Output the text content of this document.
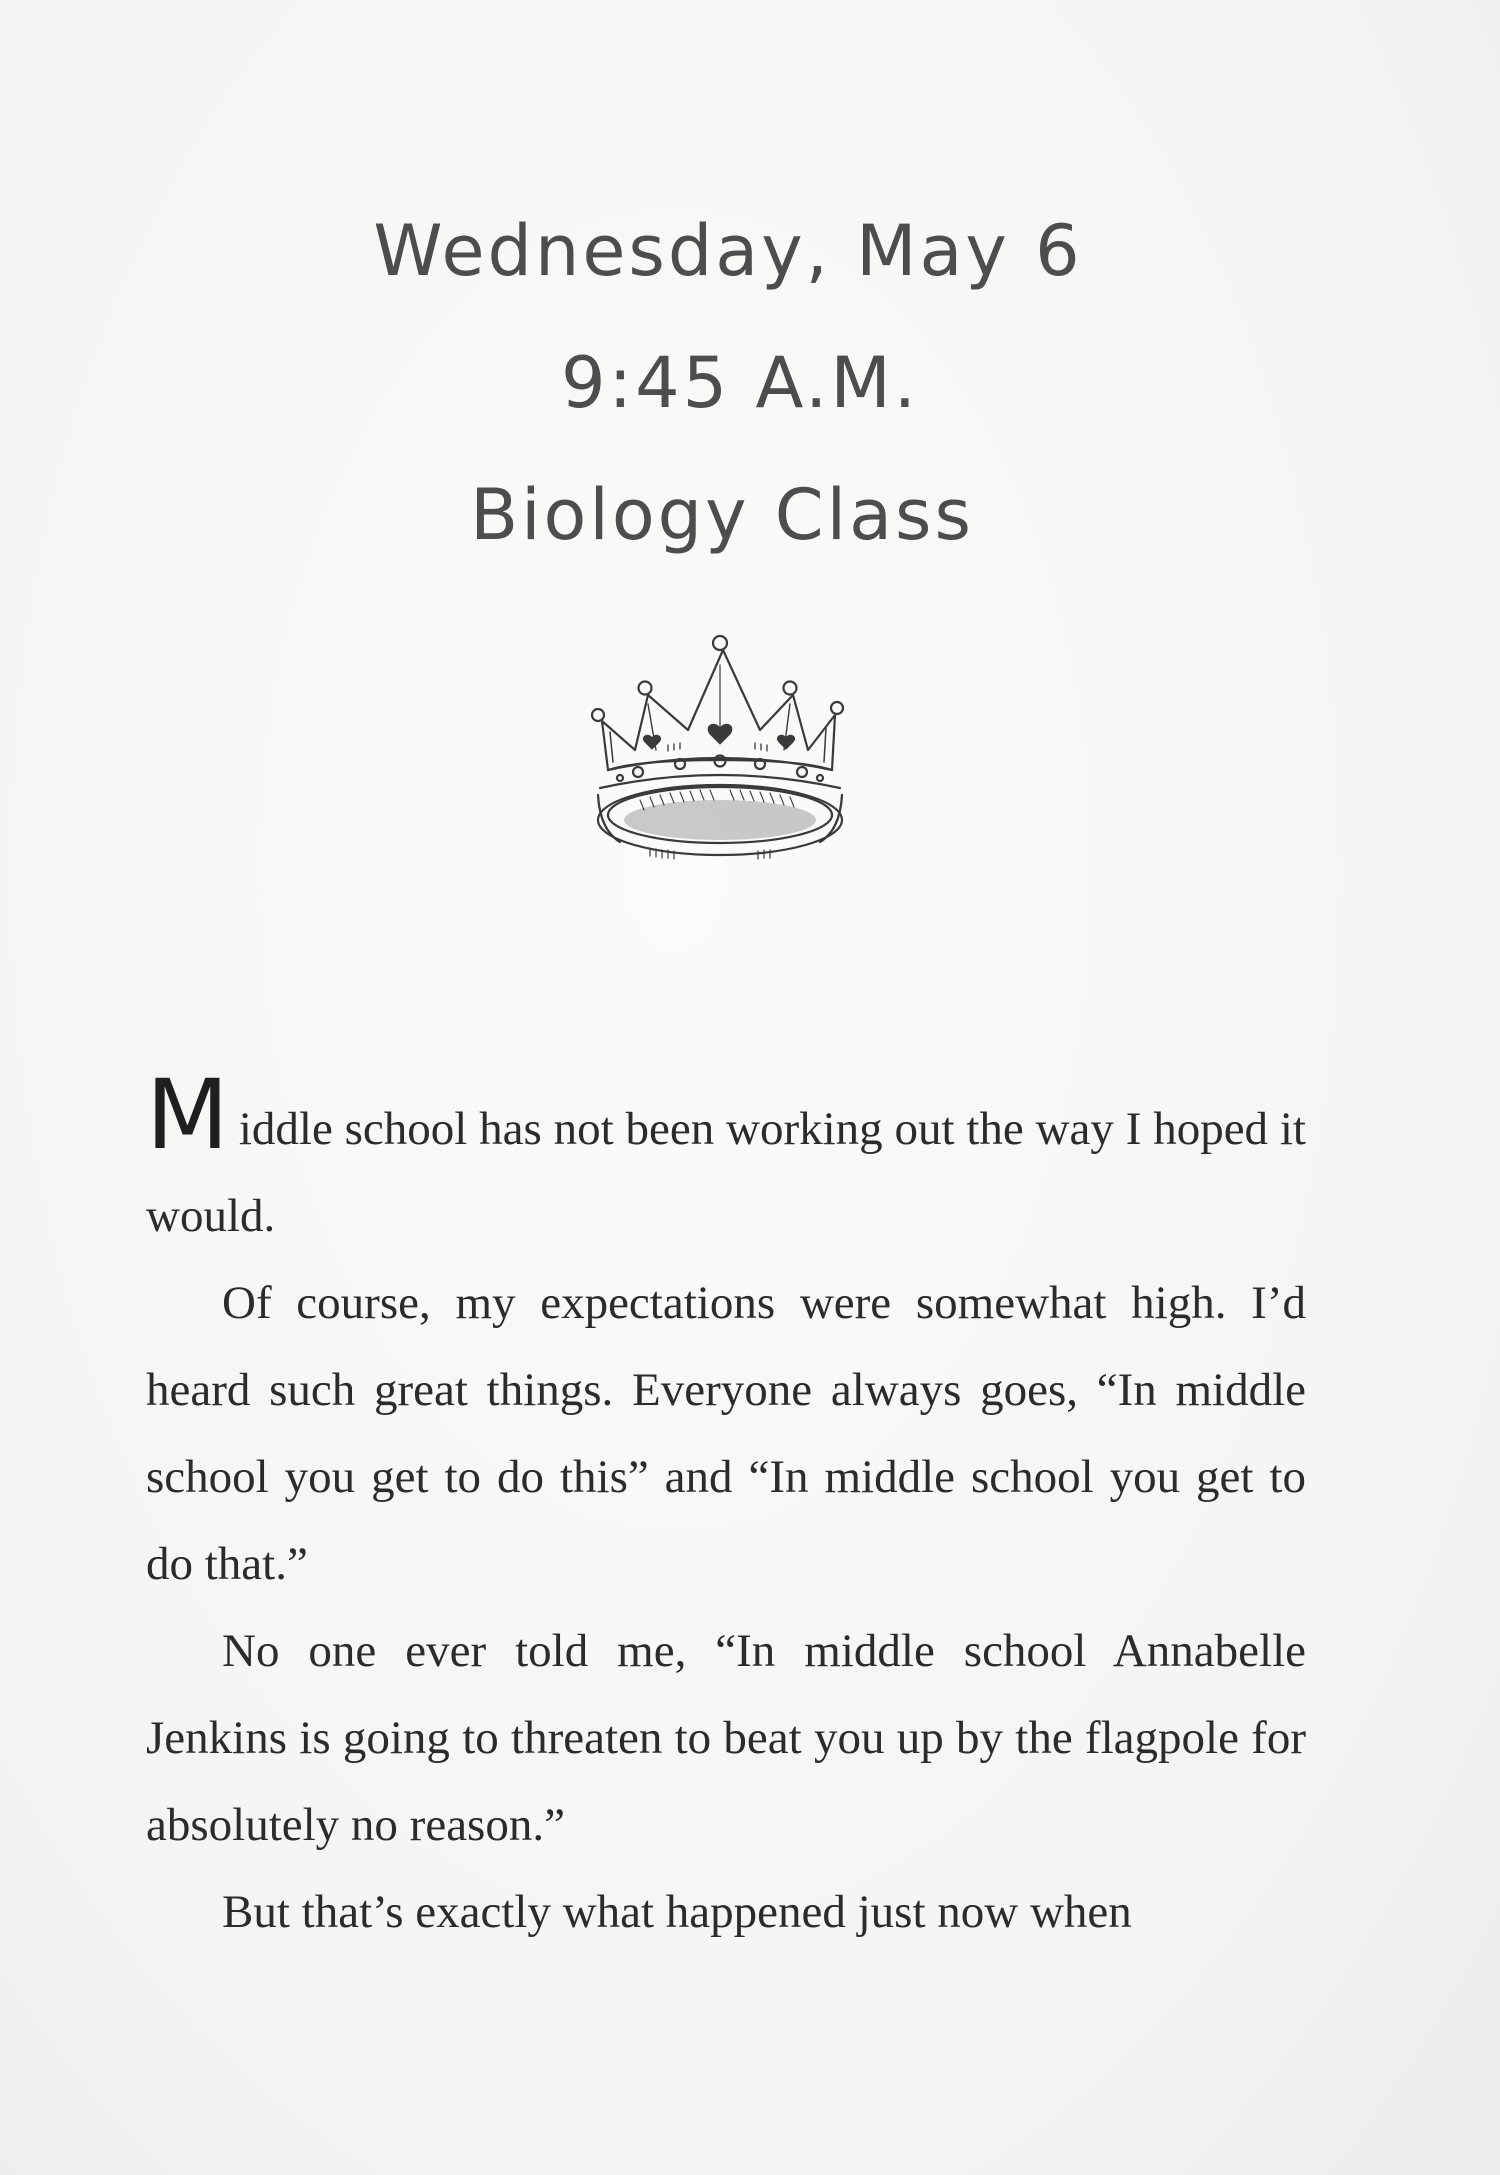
Wednesday, May 6
9:45 A.M.
Biology Class

Middle school has not been working out the way I hoped it would.

Of course, my expectations were somewhat high. I’d heard such great things. Everyone always goes, “In middle school you get to do this” and “In middle school you get to do that.”

No one ever told me, “In middle school Annabelle Jenkins is going to threaten to beat you up by the flagpole for absolutely no reason.”

But that’s exactly what happened just now when
